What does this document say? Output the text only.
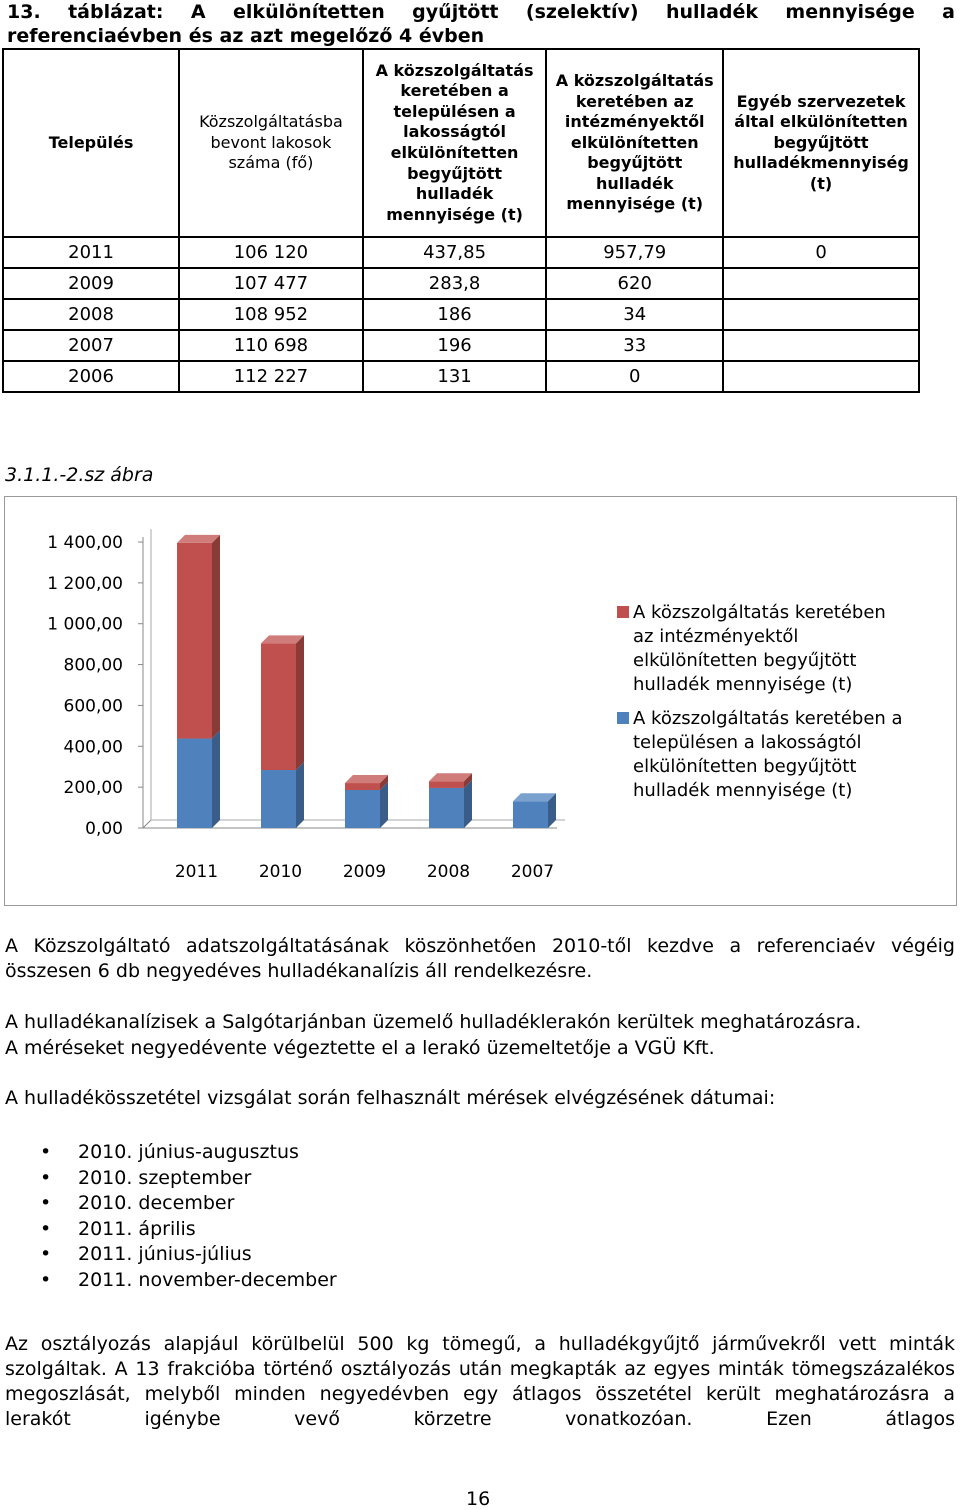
13. táblázat: A elkülönítetten gyűjtött (szelektív) hulladék mennyisége a referenciaévben és az azt megelőző 4 évben
Település	Közszolgáltatásba bevont lakosok száma (fő)	A közszolgáltatás keretében a településen a lakosságtól elkülönítetten begyűjtött hulladék mennyisége (t)	A közszolgáltatás keretében az intézményektől elkülönítetten begyűjtött hulladék mennyisége (t)	Egyéb szervezetek által elkülönítetten begyűjtött hulladékmennyiség (t)
2011	106 120	437,85	957,79	0
2009	107 477	283,8	620	
2008	108 952	186	34	
2007	110 698	196	33	
2006	112 227	131	0	
3.1.1.-2.sz ábra
0,00
200,00
400,00
600,00
800,00
1 000,00
1 200,00
1 400,00
2011 2010 2009 2008 2007
A közszolgáltatás keretében
az intézményektől
elkülönítetten begyűjtött
hulladék mennyisége (t)
A közszolgáltatás keretében a
településen a lakosságtól
elkülönítetten begyűjtött
hulladék mennyisége (t)
A Közszolgáltató adatszolgáltatásának köszönhetően 2010-től kezdve a referenciaév végéig összesen 6 db negyedéves hulladékanalízis áll rendelkezésre.
A hulladékanalízisek a Salgótarjánban üzemelő hulladéklerakón kerültek meghatározásra.
A méréseket negyedévente végeztette el a lerakó üzemeltetője a VGÜ Kft.
A hulladékösszetétel vizsgálat során felhasznált mérések elvégzésének dátumai:
• 2010. június-augusztus
• 2010. szeptember
• 2010. december
• 2011. április
• 2011. június-július
• 2011. november-december
Az osztályozás alapjául körülbelül 500 kg tömegű, a hulladékgyűjtő járművekről vett minták szolgáltak. A 13 frakcióba történő osztályozás után megkapták az egyes minták tömegszázalékos megoszlását, melyből minden negyedévben egy átlagos összetétel került meghatározásra a lerakót igénybe vevő körzetre vonatkozóan. Ezen átlagos
16
